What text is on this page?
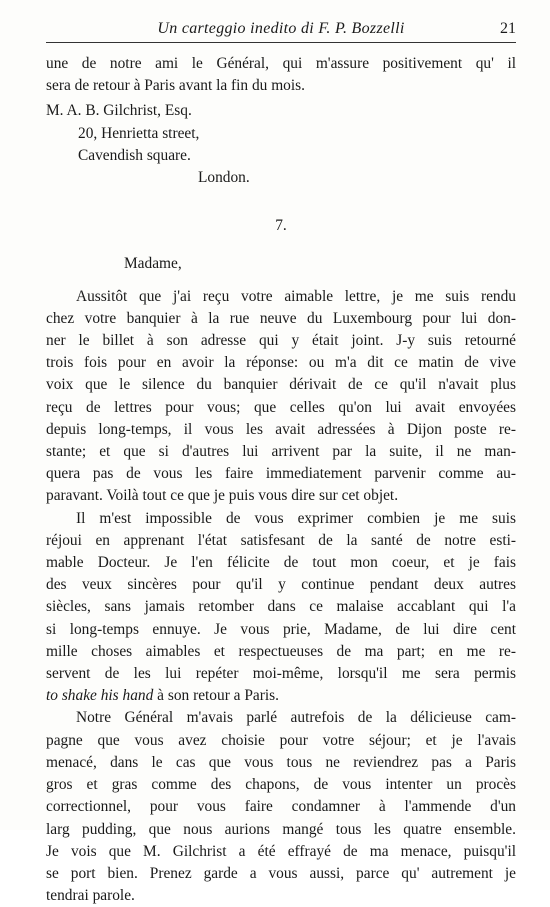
Un carteggio inedito di F. P. Bozzelli	21
une de notre ami le Général, qui m'assure positivement qu' il
sera de retour à Paris avant la fin du mois.
M. A. B. Gilchrist, Esq.
20, Henrietta street,
Cavendish square.
London.
7.
Madame,
Aussitôt que j'ai reçu votre aimable lettre, je me suis rendu
chez votre banquier à la rue neuve du Luxembourg pour lui don-
ner le billet à son adresse qui y était joint. J-y suis retourné
trois fois pour en avoir la réponse: ou m'a dit ce matin de vive
voix que le silence du banquier dérivait de ce qu'il n'avait plus
reçu de lettres pour vous; que celles qu'on lui avait envoyées
depuis long-temps, il vous les avait adressées à Dijon poste re-
stante; et que si d'autres lui arrivent par la suite, il ne man-
quera pas de vous les faire immediatement parvenir comme au-
paravant. Voilà tout ce que je puis vous dire sur cet objet.
Il m'est impossible de vous exprimer combien je me suis
réjoui en apprenant l'état satisfesant de la santé de notre esti-
mable Docteur. Je l'en félicite de tout mon coeur, et je fais
des veux sincères pour qu'il y continue pendant deux autres
siècles, sans jamais retomber dans ce malaise accablant qui l'a
si long-temps ennuye. Je vous prie, Madame, de lui dire cent
mille choses aimables et respectueuses de ma part; en me re-
servent de les lui repéter moi-même, lorsqu'il me sera permis
to shake his hand à son retour a Paris.
Notre Général m'avais parlé autrefois de la délicieuse cam-
pagne que vous avez choisie pour votre séjour; et je l'avais
menacé, dans le cas que vous tous ne reviendrez pas a Paris
gros et gras comme des chapons, de vous intenter un procès
correctionnel, pour vous faire condamner à l'ammende d'un
larg pudding, que nous aurions mangé tous les quatre ensemble.
Je vois que M. Gilchrist a été effrayé de ma menace, puisqu'il
se port bien. Prenez garde a vous aussi, parce qu' autrement je
tendrai parole.
